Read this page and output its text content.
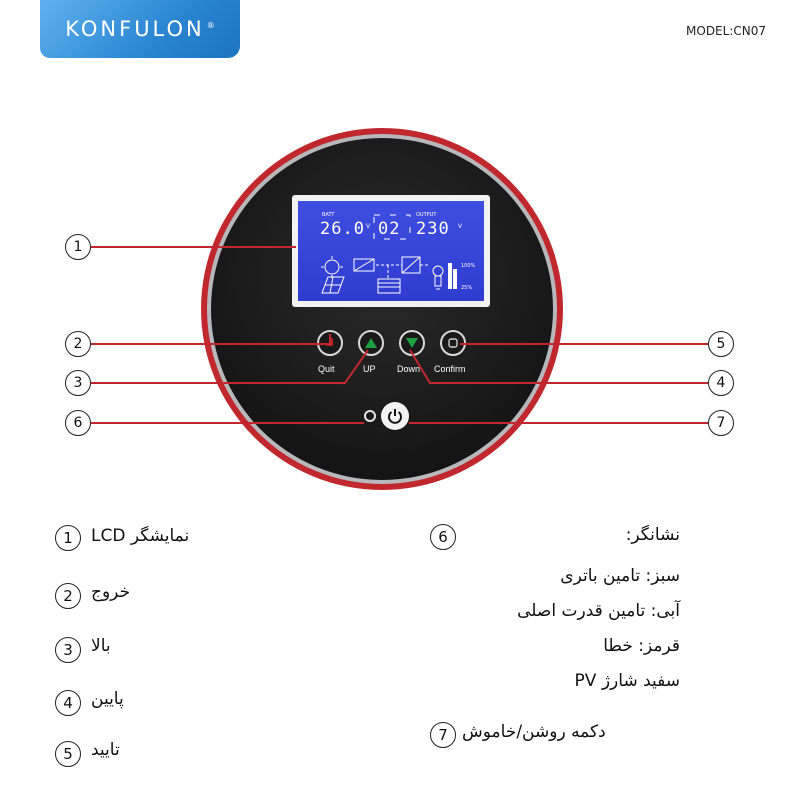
KONFULON ®	MODEL:CN07
BATT
26.0 V 02
OUTPUT
230 V
100%
25%
Quit	UP Down Confirm
1
2
3	4
5
6	7
1	نمایشگر LCD
2	خروج
3	بالا
4	پایین
5	تایید
6	نشانگر:
سبز: تامین باتری
آبی: تامین قدرت اصلی
قرمز: خطا
سفید شارژ PV
7 دکمه روشن/خاموش
